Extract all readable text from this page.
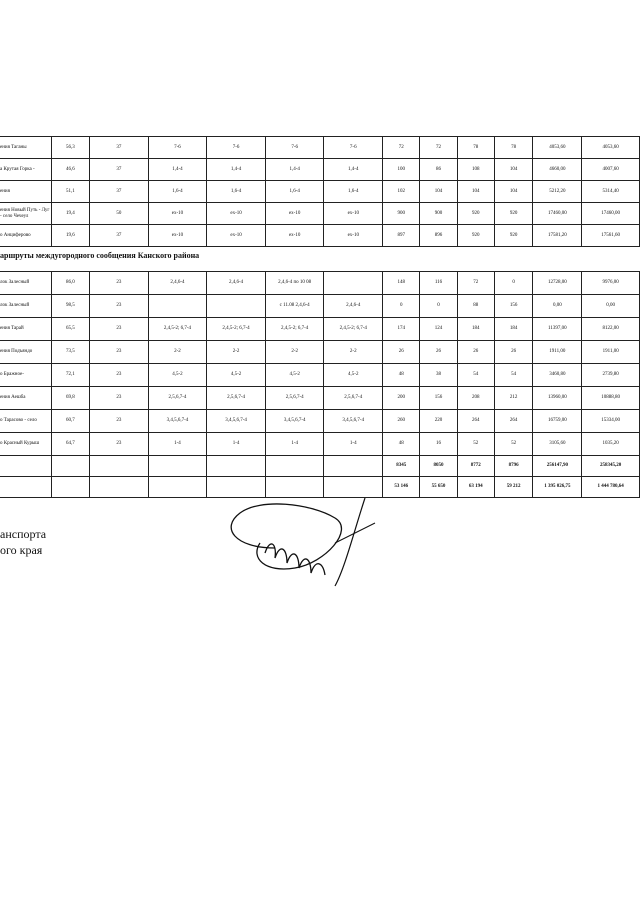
ения Таганы	56,3	37	7-6	7-6	7-6	7-6	72	72	78	78	4053,60	4053,60
а Крутая Горка -	46,6	37	1,4-4	1,4-4	1,4-4	1,4-4	100	86	108	104	4660,00	4007,60
ения	51,1	37	1,6-4	1,6-4	1,6-4	1,6-4	102	104	104	104	5212,20	5314,40
ения Новый Путь - Луг - село Чечеул	19,4	50	ex-10	ex-10	ex-10	ex-10	900	900	920	920	17460,00	17460,00
о Анциферово	19,6	37	ex-10	ex-10	ex-10	ex-10	897	896	920	920	17581,20	17561,60
аршруты междугородного сообщения Канского района
лок Залесный	86,0	23	2,4,6-4	2,4,6-4	2,4,6-4 по 10 08		148	116	72	0	12728,00	9976,00
лок Залесный	98,5	23			с 11.08 2,4,6-4	2,4,6-4	0	0	88	156	0,00	0,00
ения Тарай	65,5	23	2,4,5-2; 6,7-4	2,4,5-2; 6,7-4	2,4,5-2; 6,7-4	2,4,5-2; 6,7-4	174	124	184	184	11397,00	8122,00
ения Подъяндо	73,5	23	2-2	2-2	2-2	2-2	26	26	26	26	1911,00	1911,00
о Бражное-	72,1	23	4,5-2	4,5-2	4,5-2	4,5-2	48	38	54	54	3460,80	2739,80
ения Аешба	69,8	23	2,5,6,7-4	2,5,6,7-4	2,5,6,7-4	2,5,6,7-4	200	156	208	212	13960,00	10888,80
о Тарасово - село	60,7	23	3,4,5,6,7-4	3,4,5,6,7-4	3,4,5,6,7-4	3,4,5,6,7-4	260	220	264	264	16759,00	15334,00
о Красный Курыш	64,7	23	1-4	1-4	1-4	1-4	48	16	52	52	3105,60	1035,20
							8345	8050	8772	8796	256147,90	258345,20
							53 146	55 650	63 194	59 212	1 395 026,75	1 444 780,64
анспорта
ого края
